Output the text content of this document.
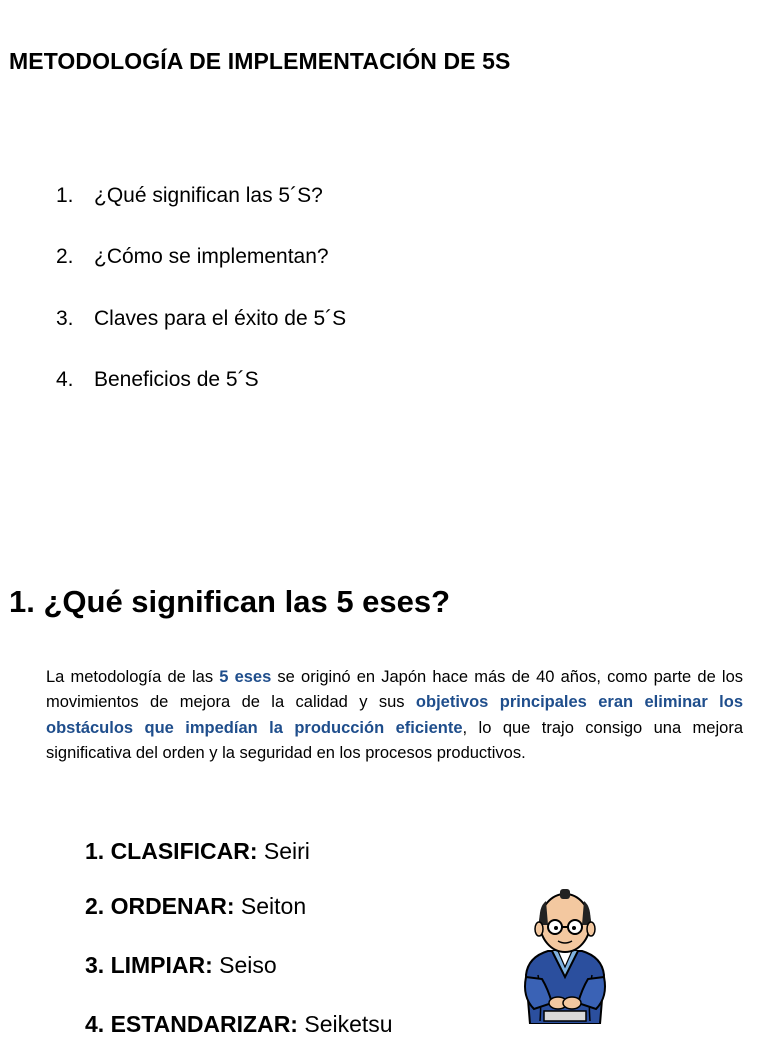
METODOLOGÍA DE IMPLEMENTACIÓN DE 5S
1. ¿Qué significan las 5´S?
2. ¿Cómo se implementan?
3. Claves para el éxito de 5´S
4. Beneficios de 5´S
1. ¿Qué significan las 5 eses?

La metodología de las 5 eses se originó en Japón hace más de 40 años, como parte de los movimientos de mejora de la calidad y sus objetivos principales eran eliminar los obstáculos que impedían la producción eficiente, lo que trajo consigo una mejora significativa del orden y la seguridad en los procesos productivos.

1. CLASIFICAR: Seiri
2. ORDENAR: Seiton
3. LIMPIAR: Seiso
4. ESTANDARIZAR: Seiketsu
